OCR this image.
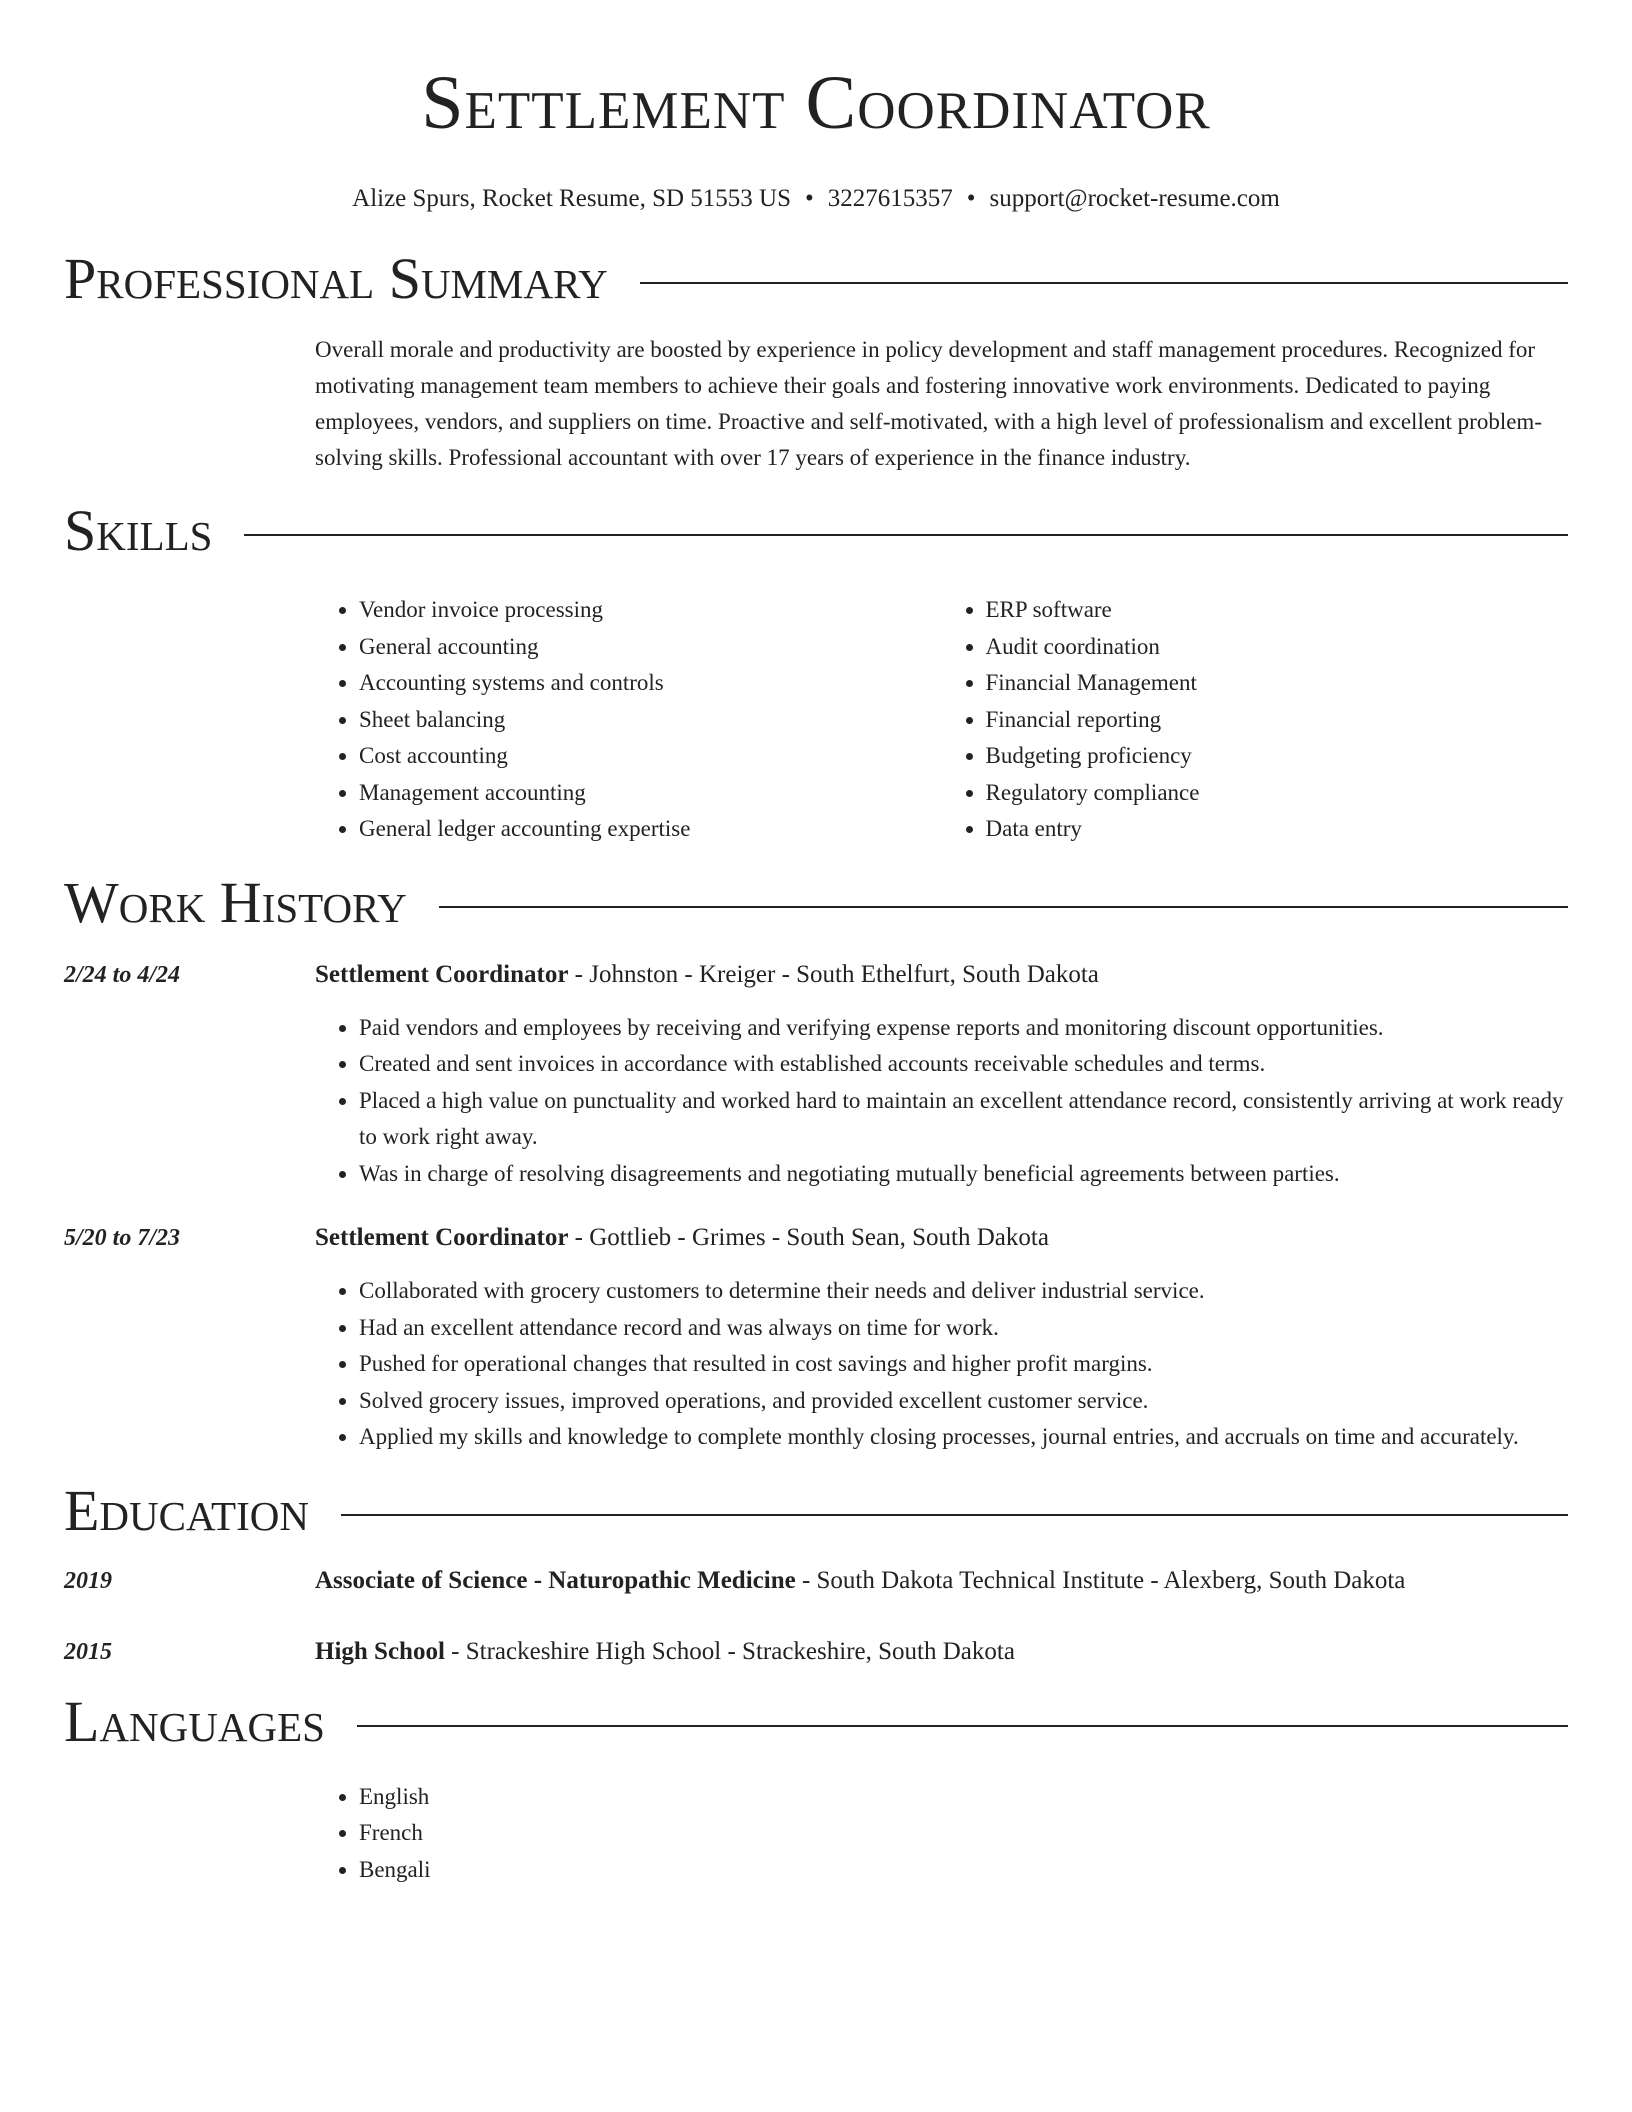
Settlement Coordinator
Alize Spurs, Rocket Resume, SD 51553 US • 3227615357 • support@rocket-resume.com
Professional Summary
Overall morale and productivity are boosted by experience in policy development and staff management procedures. Recognized for motivating management team members to achieve their goals and fostering innovative work environments. Dedicated to paying employees, vendors, and suppliers on time. Proactive and self-motivated, with a high level of professionalism and excellent problem-solving skills. Professional accountant with over 17 years of experience in the finance industry.
Skills
• Vendor invoice processing
• General accounting
• Accounting systems and controls
• Sheet balancing
• Cost accounting
• Management accounting
• General ledger accounting expertise
• ERP software
• Audit coordination
• Financial Management
• Financial reporting
• Budgeting proficiency
• Regulatory compliance
• Data entry
Work History
2/24 to 4/24	Settlement Coordinator - Johnston - Kreiger - South Ethelfurt, South Dakota
• Paid vendors and employees by receiving and verifying expense reports and monitoring discount opportunities.
• Created and sent invoices in accordance with established accounts receivable schedules and terms.
• Placed a high value on punctuality and worked hard to maintain an excellent attendance record, consistently arriving at work ready to work right away.
• Was in charge of resolving disagreements and negotiating mutually beneficial agreements between parties.
5/20 to 7/23	Settlement Coordinator - Gottlieb - Grimes - South Sean, South Dakota
• Collaborated with grocery customers to determine their needs and deliver industrial service.
• Had an excellent attendance record and was always on time for work.
• Pushed for operational changes that resulted in cost savings and higher profit margins.
• Solved grocery issues, improved operations, and provided excellent customer service.
• Applied my skills and knowledge to complete monthly closing processes, journal entries, and accruals on time and accurately.
Education
2019	Associate of Science - Naturopathic Medicine - South Dakota Technical Institute - Alexberg, South Dakota
2015	High School - Strackeshire High School - Strackeshire, South Dakota
Languages
• English
• French
• Bengali
